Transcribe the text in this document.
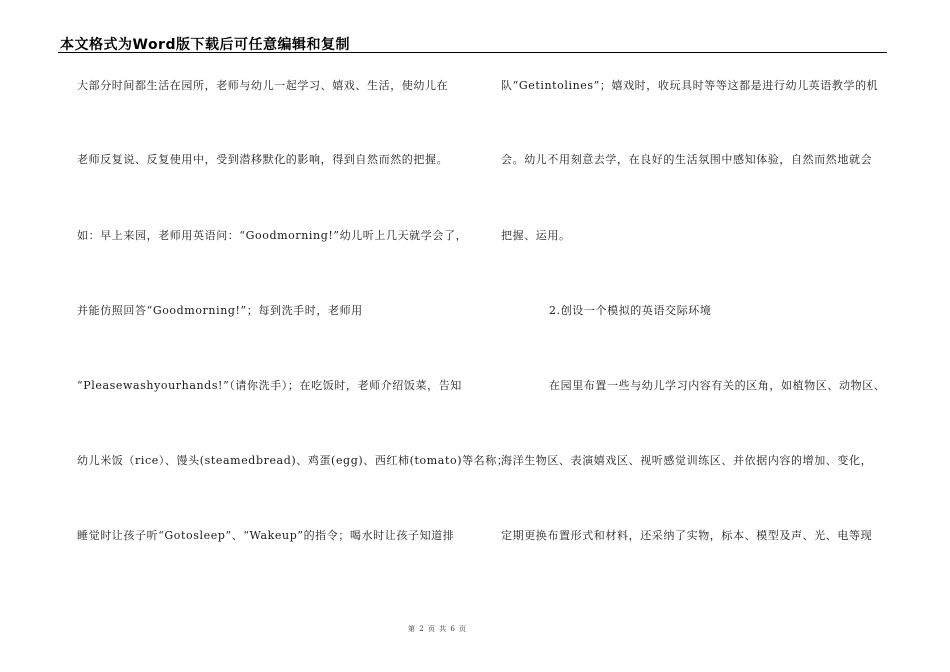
本文格式为Word版下载后可任意编辑和复制
大部分时间都生活在园所，老师与幼儿一起学习、嬉戏、生活，使幼儿在
老师反复说、反复使用中，受到潜移默化的影响，得到自然而然的把握。
如：早上来园，老师用英语问：“Goodmorning!”幼儿听上几天就学会了，
并能仿照回答“Goodmorning!”；每到洗手时，老师用
“Pleasewashyourhands!”（请你洗手）；在吃饭时，老师介绍饭菜，告知
幼儿米饭（rice）、馒头(steamedbread)、鸡蛋(egg)、西红柿(tomato)等名称；
睡觉时让孩子听“Gotosleep”、“Wakeup”的指令；喝水时让孩子知道排
队“Getintolines”；嬉戏时，收玩具时等等这都是进行幼儿英语教学的机
会。幼儿不用刻意去学，在良好的生活氛围中感知体验，自然而然地就会
把握、运用。
2.创设一个模拟的英语交际环境
在园里布置一些与幼儿学习内容有关的区角，如植物区、动物区、
海洋生物区、表演嬉戏区、视听感觉训练区、并依据内容的增加、变化，
定期更换布置形式和材料，还采纳了实物，标本、模型及声、光、电等现
第 2 页 共 6 页
